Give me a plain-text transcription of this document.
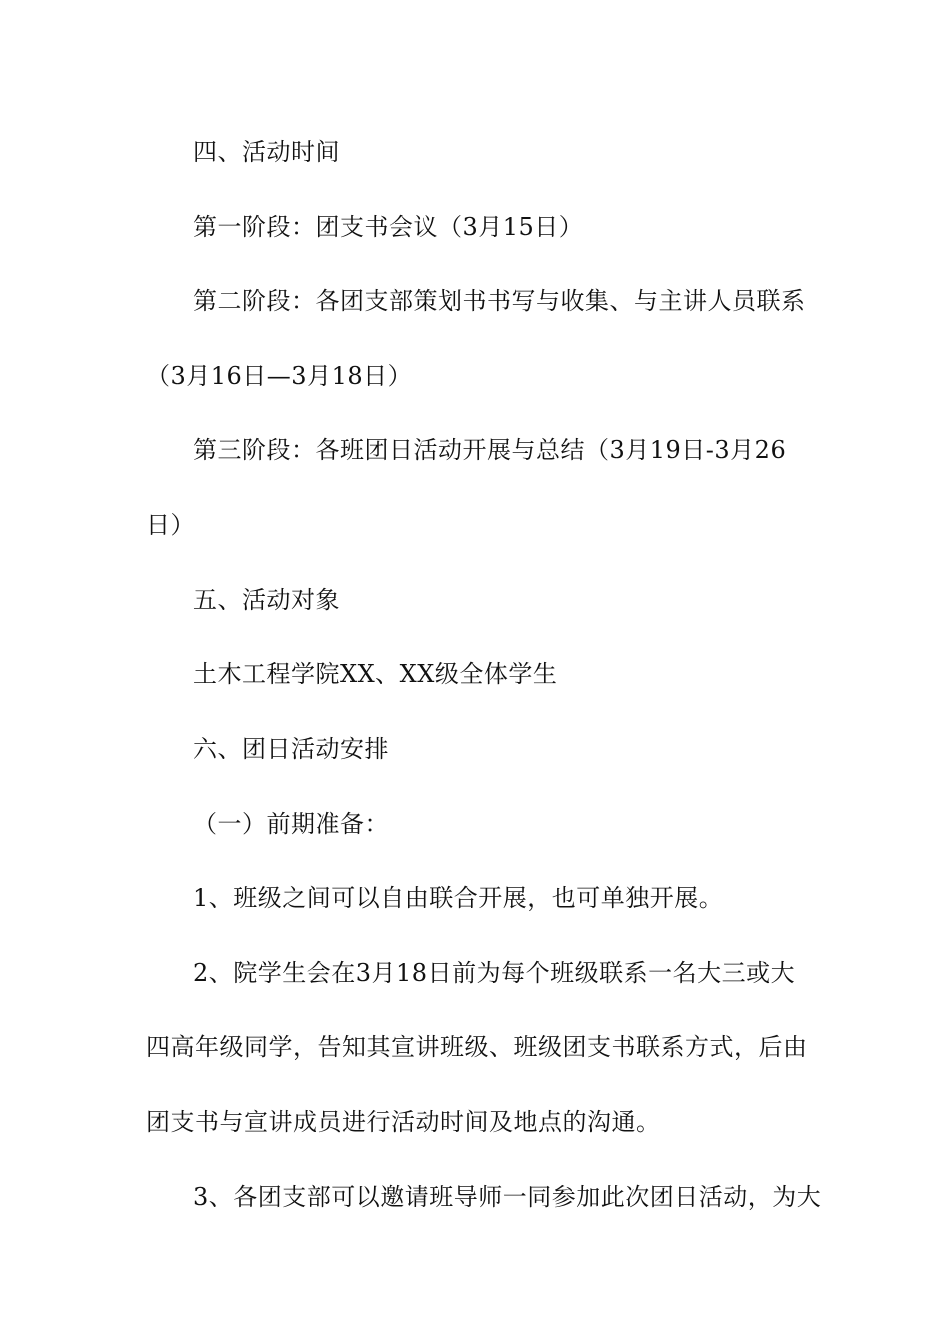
四、活动时间
第一阶段：团支书会议（3月15日）
第二阶段：各团支部策划书书写与收集、与主讲人员联系
（3月16日—3月18日）
第三阶段：各班团日活动开展与总结（3月19日-3月26
日）
五、活动对象
土木工程学院XX、XX级全体学生
六、团日活动安排
（一）前期准备：
1、班级之间可以自由联合开展，也可单独开展。
2、院学生会在3月18日前为每个班级联系一名大三或大
四高年级同学，告知其宣讲班级、班级团支书联系方式，后由
团支书与宣讲成员进行活动时间及地点的沟通。
3、各团支部可以邀请班导师一同参加此次团日活动，为大
